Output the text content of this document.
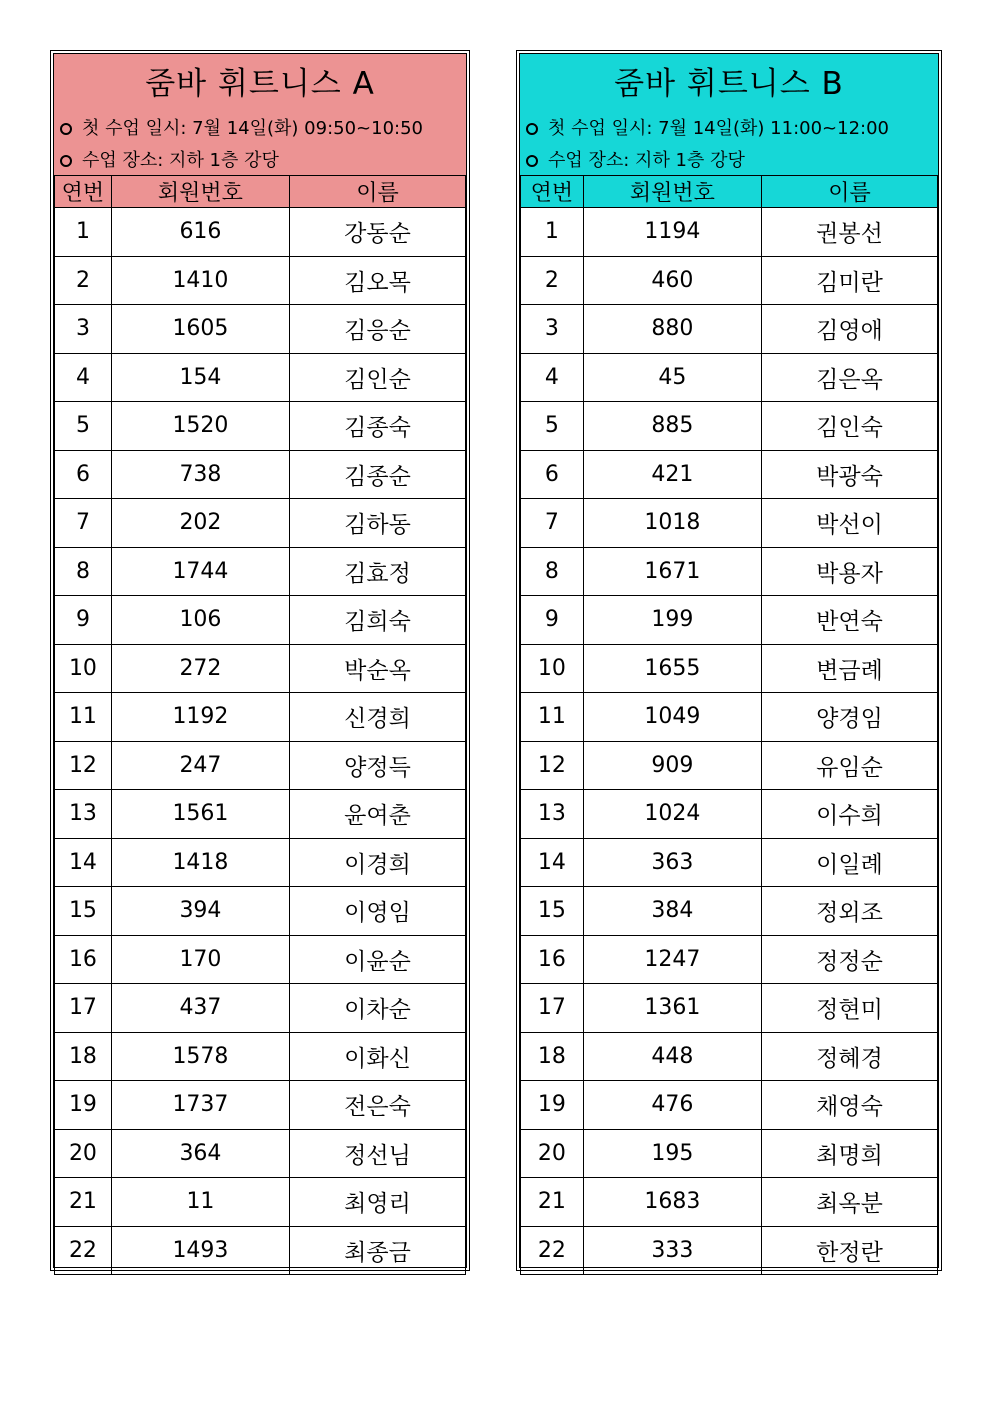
줌바 휘트니스 A
첫 수업 일시: 7월 14일(화) 09:50~10:50
수업 장소: 지하 1층 강당
연번	회원번호	이름
1	616	강동순
2	1410	김오목
3	1605	김응순
4	154	김인순
5	1520	김종숙
6	738	김종순
7	202	김하동
8	1744	김효정
9	106	김희숙
10	272	박순옥
11	1192	신경희
12	247	양정득
13	1561	윤여춘
14	1418	이경희
15	394	이영임
16	170	이윤순
17	437	이차순
18	1578	이화신
19	1737	전은숙
20	364	정선님
21	11	최영리
22	1493	최종금
줌바 휘트니스 B
첫 수업 일시: 7월 14일(화) 11:00~12:00
수업 장소: 지하 1층 강당
연번	회원번호	이름
1	1194	권봉선
2	460	김미란
3	880	김영애
4	45	김은옥
5	885	김인숙
6	421	박광숙
7	1018	박선이
8	1671	박용자
9	199	반연숙
10	1655	변금례
11	1049	양경임
12	909	유임순
13	1024	이수희
14	363	이일례
15	384	정외조
16	1247	정정순
17	1361	정현미
18	448	정혜경
19	476	채영숙
20	195	최명희
21	1683	최옥분
22	333	한정란
